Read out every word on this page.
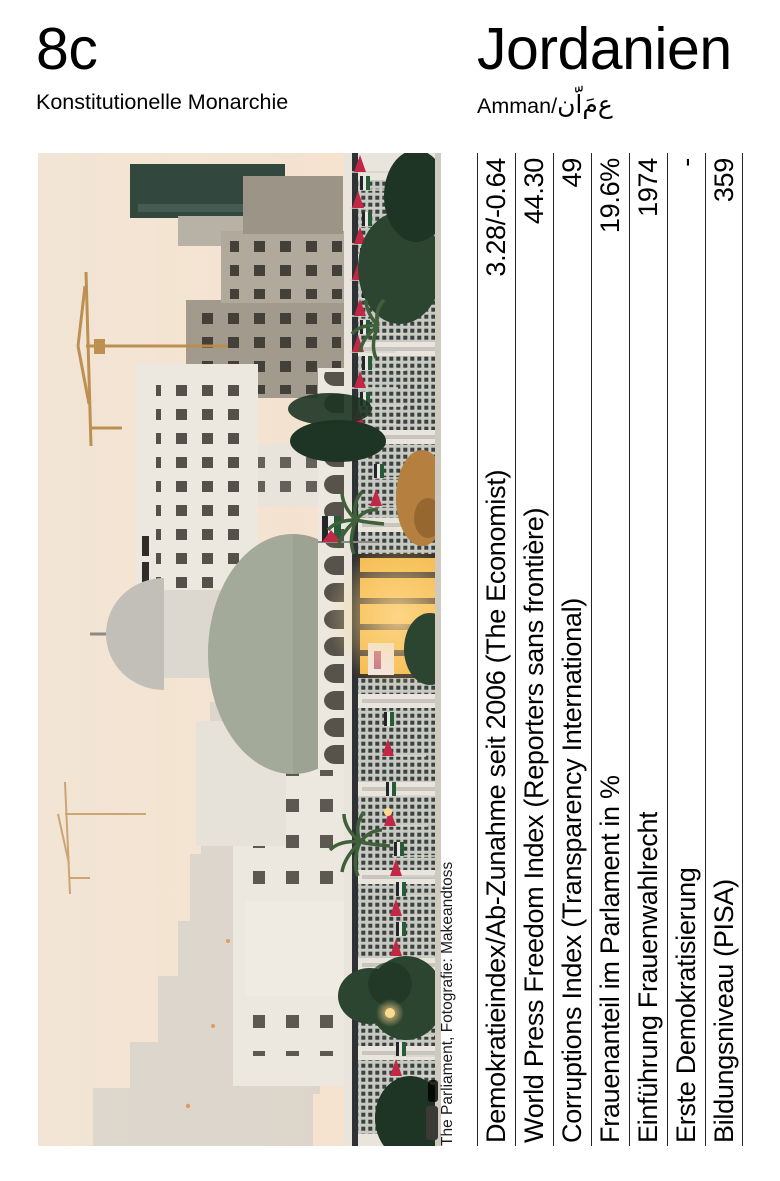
8c	Jordanien
Konstitutionelle Monarchie	Amman/ن‌اّ‌مَ‌ع
The Parliament, Fotografie: Makeandtoss Demokratieindex/Ab-Zunahme seit 2006 (The Economist)
3.28/-0.64
World Press Freedom Index (Reporters sans frontière)
44.30
Corruptions Index (Transparency International)
49
Frauenanteil im Parlament in %
19.6%
Einführung Frauenwahlrecht
1974
Erste Demokratisierung
-
Bildungsniveau (PISA)
359
